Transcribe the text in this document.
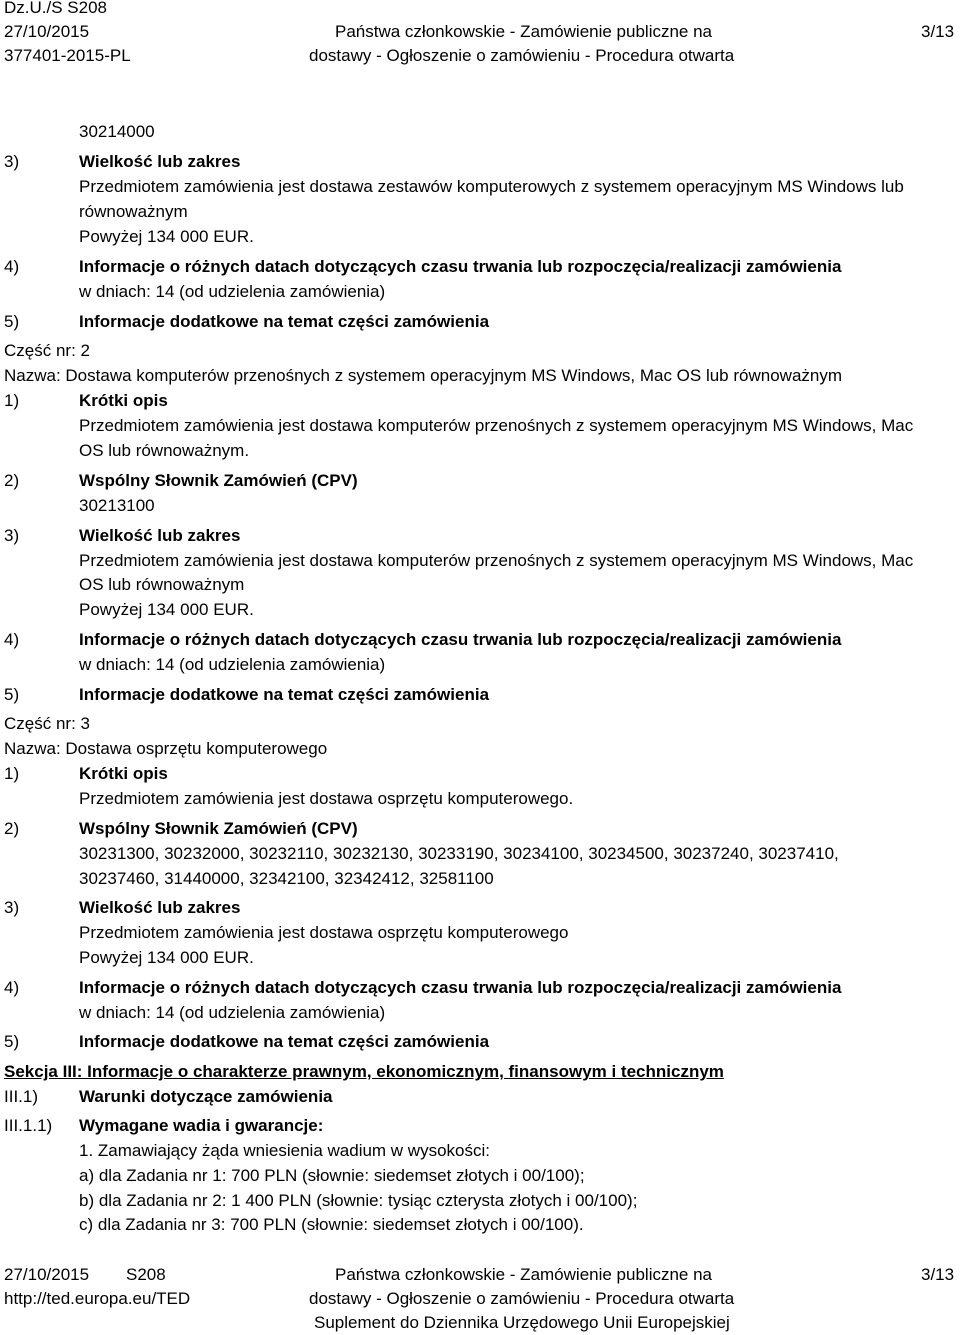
Dz.U./S S208
27/10/2015
377401-2015-PL
Państwa członkowskie - Zamówienie publiczne na
dostawy - Ogłoszenie o zamówieniu - Procedura otwarta
3/13
30214000
3)	Wielkość lub zakres
Przedmiotem zamówienia jest dostawa zestawów komputerowych z systemem operacyjnym MS Windows lub
równoważnym
Powyżej 134 000 EUR.
4)	Informacje o różnych datach dotyczących czasu trwania lub rozpoczęcia/realizacji zamówienia
w dniach: 14 (od udzielenia zamówienia)
5)	Informacje dodatkowe na temat części zamówienia
Część nr: 2
Nazwa: Dostawa komputerów przenośnych z systemem operacyjnym MS Windows, Mac OS lub równoważnym
1)	Krótki opis
Przedmiotem zamówienia jest dostawa komputerów przenośnych z systemem operacyjnym MS Windows, Mac
OS lub równoważnym.
2)	Wspólny Słownik Zamówień (CPV)
30213100
3)	Wielkość lub zakres
Przedmiotem zamówienia jest dostawa komputerów przenośnych z systemem operacyjnym MS Windows, Mac
OS lub równoważnym
Powyżej 134 000 EUR.
4)	Informacje o różnych datach dotyczących czasu trwania lub rozpoczęcia/realizacji zamówienia
w dniach: 14 (od udzielenia zamówienia)
5)	Informacje dodatkowe na temat części zamówienia
Część nr: 3
Nazwa: Dostawa osprzętu komputerowego
1)	Krótki opis
Przedmiotem zamówienia jest dostawa osprzętu komputerowego.
2)	Wspólny Słownik Zamówień (CPV)
30231300, 30232000, 30232110, 30232130, 30233190, 30234100, 30234500, 30237240, 30237410,
30237460, 31440000, 32342100, 32342412, 32581100
3)	Wielkość lub zakres
Przedmiotem zamówienia jest dostawa osprzętu komputerowego
Powyżej 134 000 EUR.
4)	Informacje o różnych datach dotyczących czasu trwania lub rozpoczęcia/realizacji zamówienia
w dniach: 14 (od udzielenia zamówienia)
5)	Informacje dodatkowe na temat części zamówienia
Sekcja III: Informacje o charakterze prawnym, ekonomicznym, finansowym i technicznym
III.1) Warunki dotyczące zamówienia
III.1.1) Wymagane wadia i gwarancje:
1. Zamawiający żąda wniesienia wadium w wysokości:
a) dla Zadania nr 1: 700 PLN (słownie: siedemset złotych i 00/100);
b) dla Zadania nr 2: 1 400 PLN (słownie: tysiąc czterysta złotych i 00/100);
c) dla Zadania nr 3: 700 PLN (słownie: siedemset złotych i 00/100).
27/10/2015 S208
http://ted.europa.eu/TED
Państwa członkowskie - Zamówienie publiczne na
dostawy - Ogłoszenie o zamówieniu - Procedura otwarta
Suplement do Dziennika Urzędowego Unii Europejskiej
3/13
